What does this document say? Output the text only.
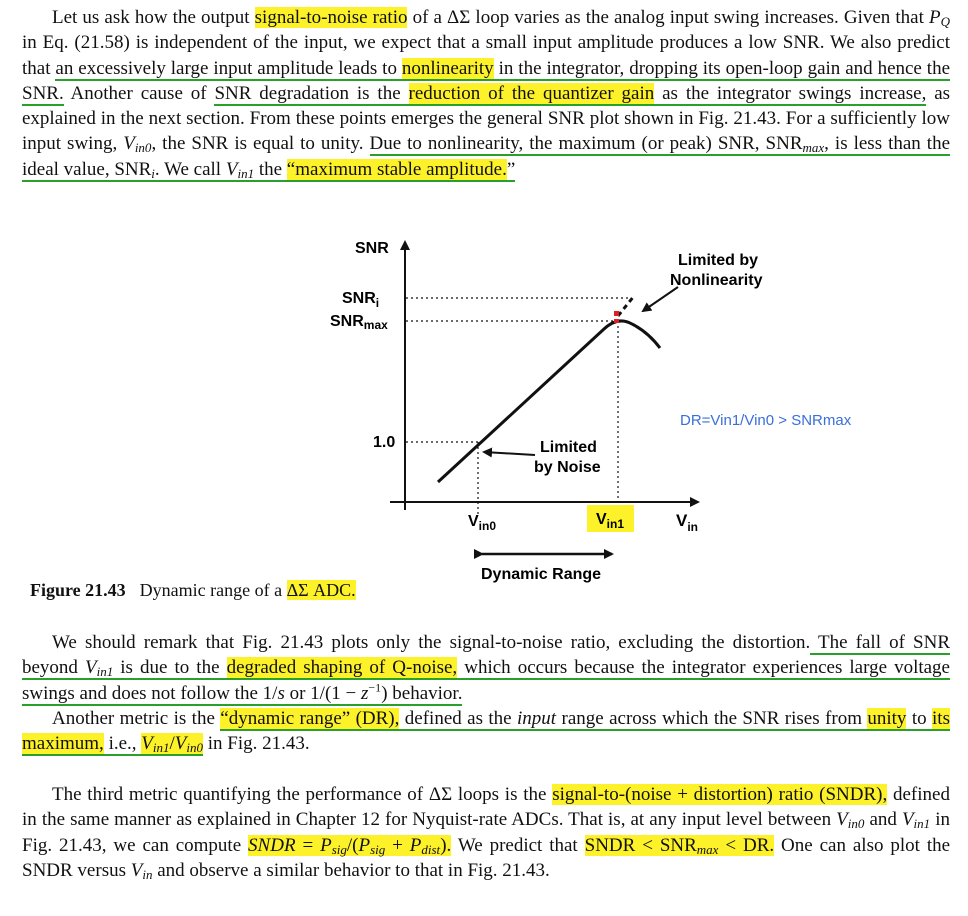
Let us ask how the output signal-to-noise ratio of a ΔΣ loop varies as the analog input swing increases. Given that $P_Q$ in Eq. (21.58) is independent of the input, we expect that a small input amplitude produces a low SNR. We also predict that an excessively large input amplitude leads to nonlinearity in the integrator, dropping its open-loop gain and hence the SNR. Another cause of SNR degradation is the reduction of the quantizer gain as the integrator swings increase, as explained in the next section. From these points emerges the general SNR plot shown in Fig. 21.43. For a sufficiently low input swing, $V_{in0}$, the SNR is equal to unity. Due to nonlinearity, the maximum (or peak) SNR, $SNR_{max}$, is less than the ideal value, $SNR_i$. We call $V_{in1}$ the “maximum stable amplitude.”

SNR
$V_{in}$
$SNR_i$
SNRmax
1.0	Limited by Noise
Limited by Nonlinearity
DR=Vin1/Vin0 > SNRmax
$V_{in0}$	$V_{in1}$
Dynamic Range
Figure 21.43 Dynamic range of a ΔΣ ADC.

We should remark that Fig. 21.43 plots only the signal-to-noise ratio, excluding the distortion. The fall of SNR beyond $V_{in1}$ is due to the degraded shaping of Q-noise, which occurs because the integrator experiences large voltage swings and does not follow the 1/s or $1/(1 - z^{-1})$ behavior.

Another metric is the “dynamic range” (DR), defined as the input range across which the SNR rises from unity to its maximum, i.e., $V_{in1}/V_{in0}$ in Fig. 21.43.

The third metric quantifying the performance of ΔΣ loops is the signal-to-(noise + distortion) ratio (SNDR), defined in the same manner as explained in Chapter 12 for Nyquist-rate ADCs. That is, at any input level between $V_{in0}$ and $V_{in1}$ in Fig. 21.43, we can compute SNDR = $P_{sig}/(P_{sig} + P_{dist})$. We predict that SNDR < $SNR_{max}$ < DR. One can also plot the SNDR versus $V_{in}$ and observe a similar behavior to that in Fig. 21.43.
